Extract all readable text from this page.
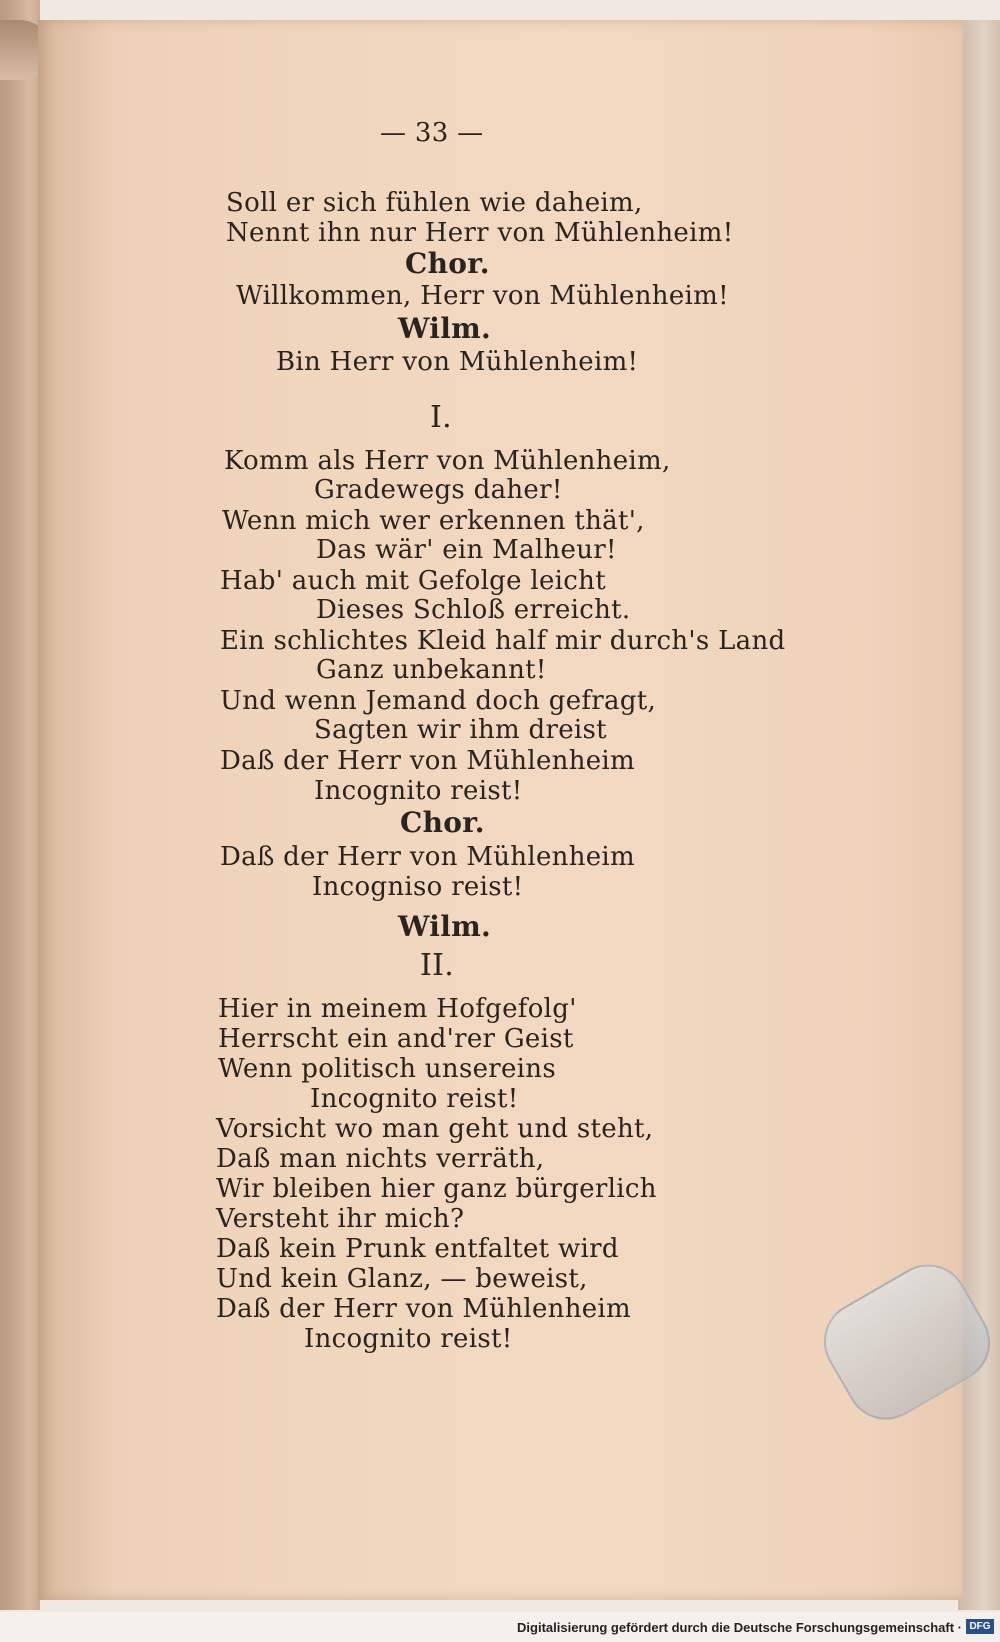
— 33 —
Soll er sich fühlen wie daheim,
Nennt ihn nur Herr von Mühlenheim!
Chor.
Willkommen, Herr von Mühlenheim!
Wilm.
Bin Herr von Mühlenheim!
I.
Komm als Herr von Mühlenheim,
Gradewegs daher!
Wenn mich wer erkennen thät',
Das wär' ein Malheur!
Hab' auch mit Gefolge leicht
Dieses Schloß erreicht.
Ein schlichtes Kleid half mir durch's Land
Ganz unbekannt!
Und wenn Jemand doch gefragt,
Sagten wir ihm dreist
Daß der Herr von Mühlenheim
Incognito reist!
Chor.
Daß der Herr von Mühlenheim
Incogniso reist!
Wilm.
II.
Hier in meinem Hofgefolg'
Herrscht ein and'rer Geist
Wenn politisch unsereins
Incognito reist!
Vorsicht wo man geht und steht,
Daß man nichts verräth,
Wir bleiben hier ganz bürgerlich
Versteht ihr mich?
Daß kein Prunk entfaltet wird
Und kein Glanz, — beweist,
Daß der Herr von Mühlenheim
Incognito reist!
Digitalisierung gefördert durch die Deutsche Forschungsgemeinschaft · DFG
